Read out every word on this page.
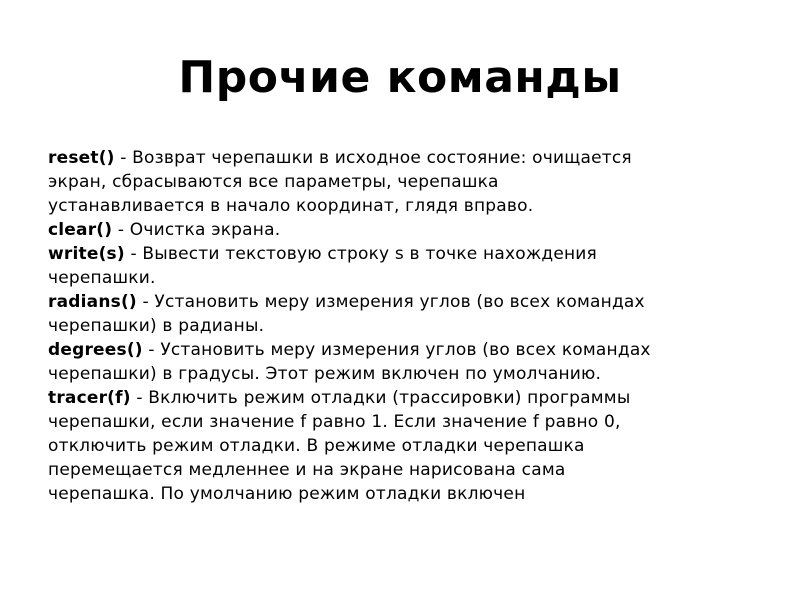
Прочие команды
reset() - Возврат черепашки в исходное состояние: очищается
экран, сбрасываются все параметры, черепашка
устанавливается в начало координат, глядя вправо.
clear() - Очистка экрана.
write(s) - Вывести текстовую строку s в точке нахождения
черепашки.
radians() - Установить меру измерения углов (во всех командах
черепашки) в радианы.
degrees() - Установить меру измерения углов (во всех командах
черепашки) в градусы. Этот режим включен по умолчанию.
tracer(f) - Включить режим отладки (трассировки) программы
черепашки, если значение f равно 1. Если значение f равно 0,
отключить режим отладки. В режиме отладки черепашка
перемещается медленнее и на экране нарисована сама
черепашка. По умолчанию режим отладки включен
